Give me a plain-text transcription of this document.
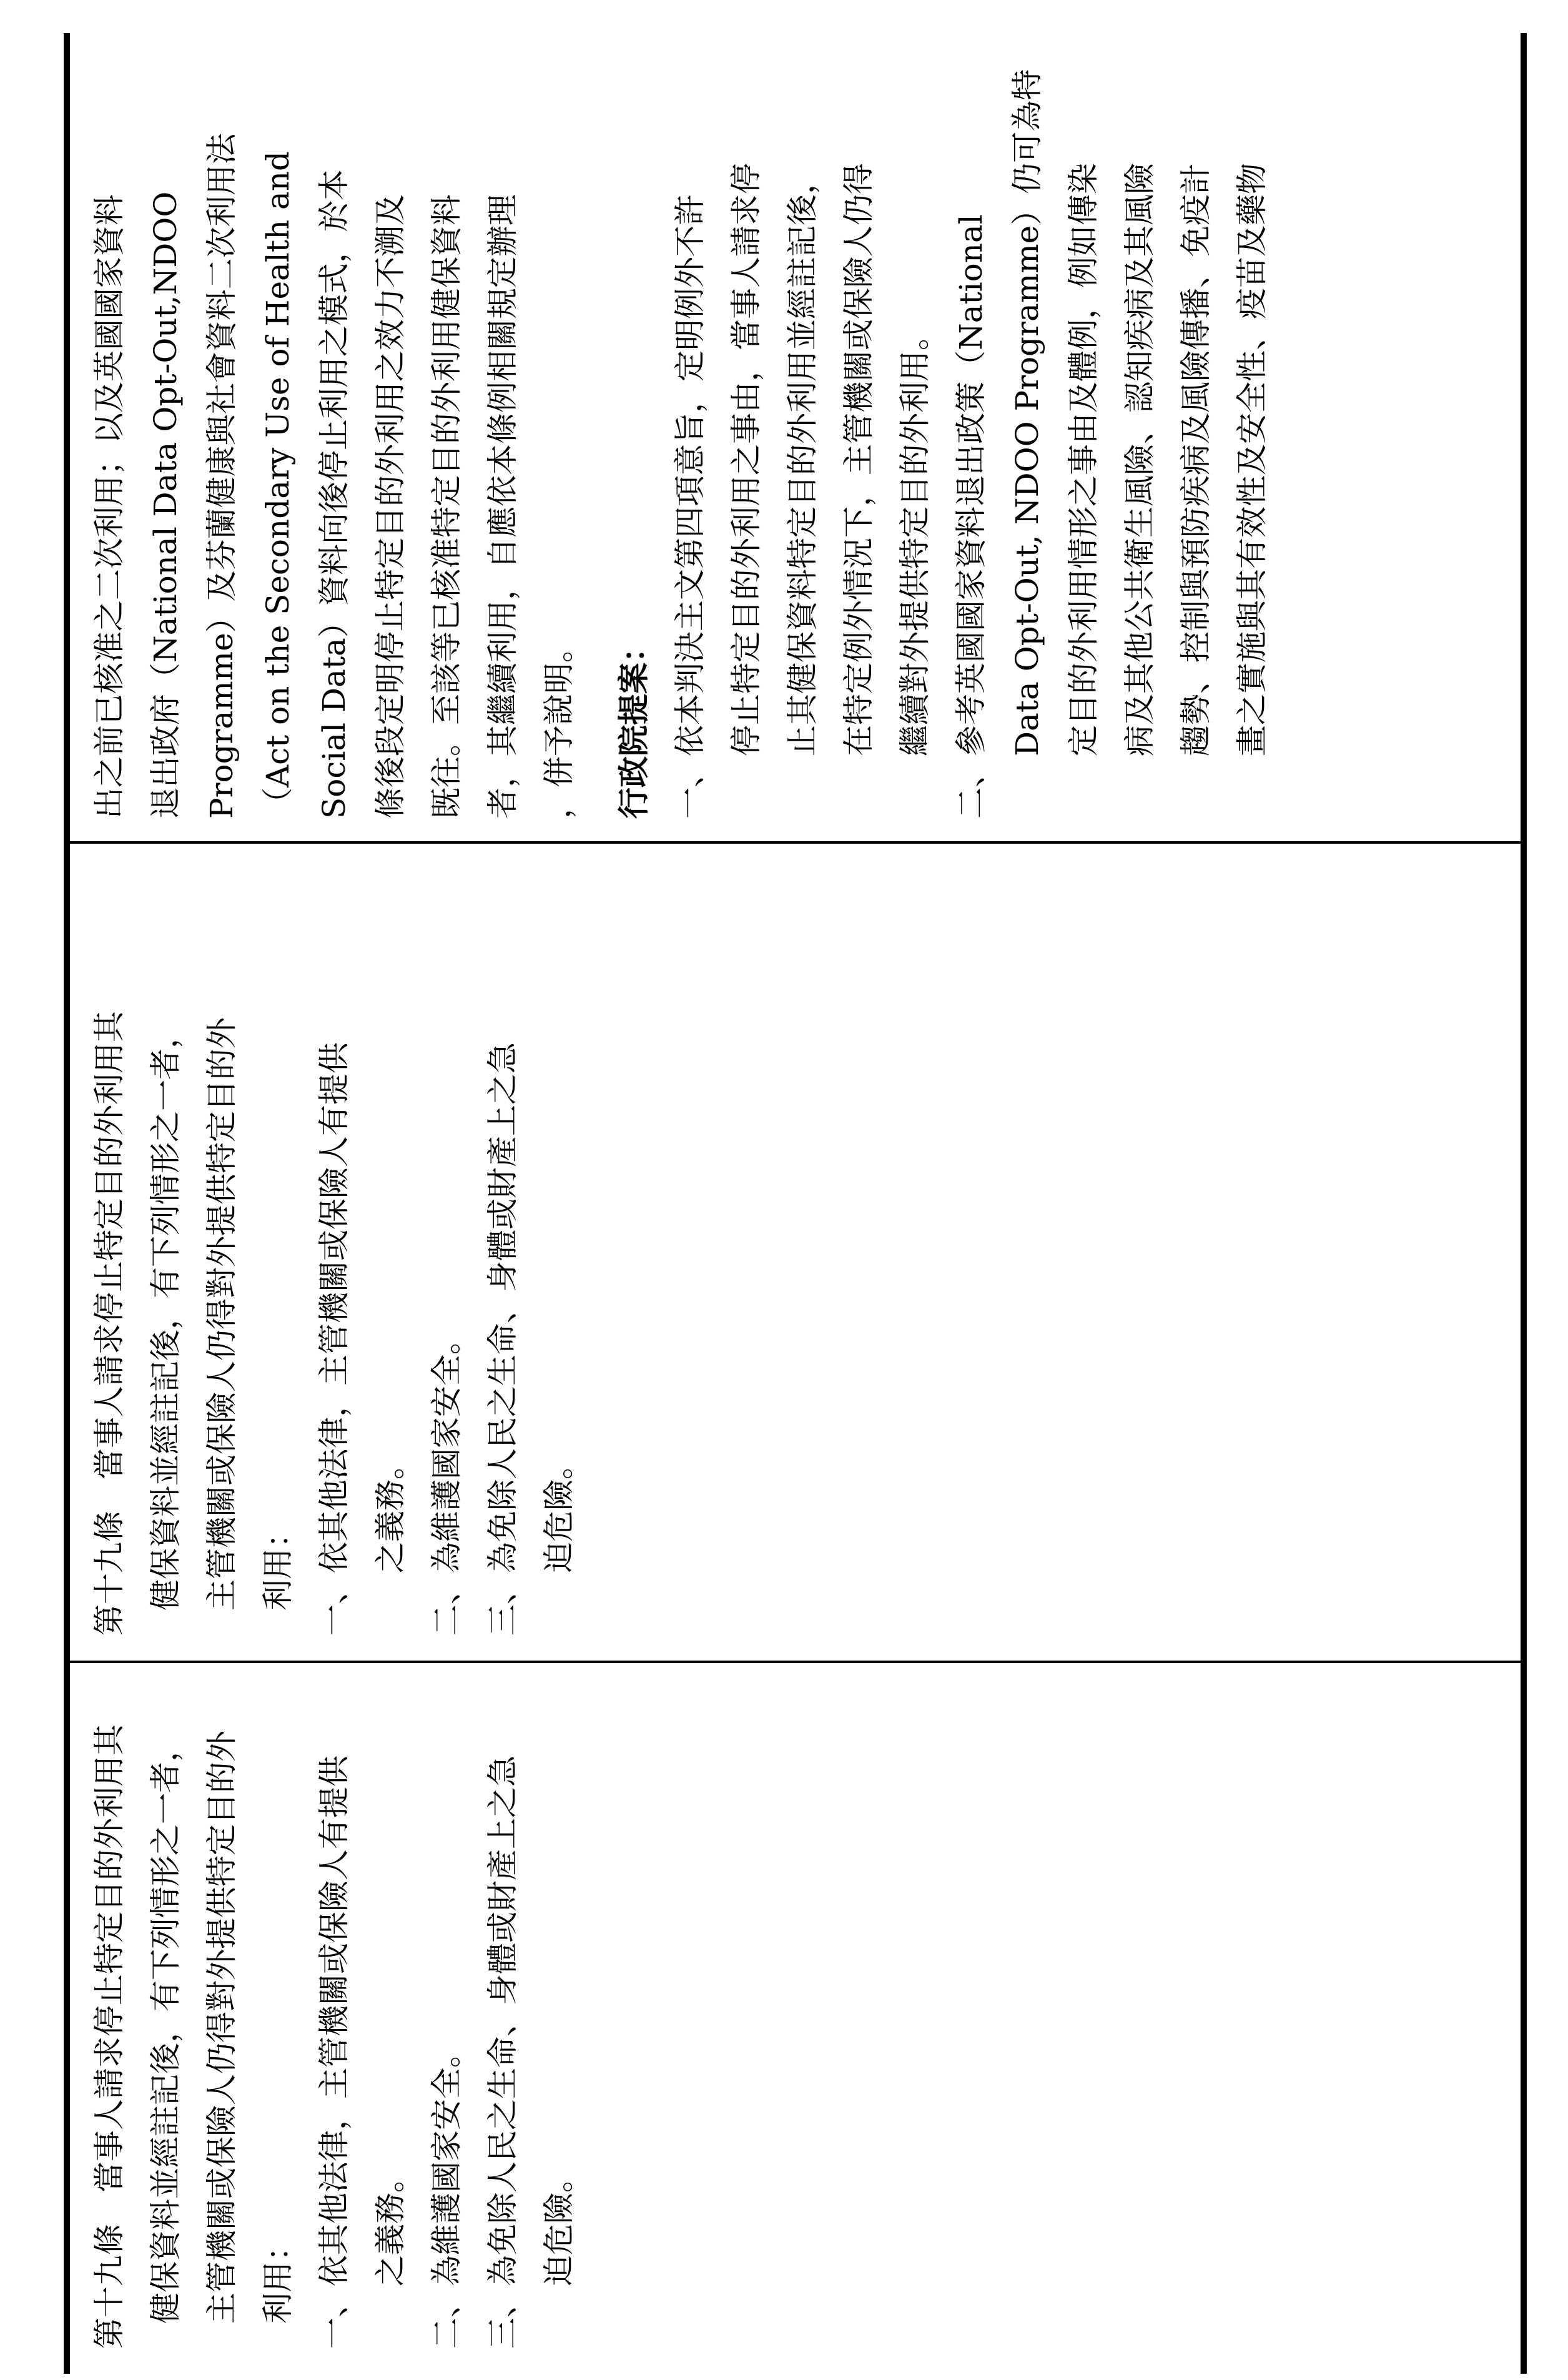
第十九條　當事人請求停止特定目的外利用其 健保資料並經註記後，有下列情形之一者， 主管機關或保險人仍得對外提供特定目的外 利用： 一、依其他法律，主管機關或保險人有提供 　　之義務。 二、為維護國家安全。 三、為免除人民之生命、身體或財產上之急 　　迫危險。
第十九條　當事人請求停止特定目的外利用其 健保資料並經註記後，有下列情形之一者， 主管機關或保險人仍得對外提供特定目的外 利用： 一、依其他法律，主管機關或保險人有提供 　　之義務。 二、為維護國家安全。 三、為免除人民之生命、身體或財產上之急 　　迫危險。
出之前已核准之二次利用；以及英國國家資料 退出政府（National Data Opt-Out,NDOO Programme）及芬蘭健康與社會資料二次利用法 （Act on the Secondary Use of Health and Social Data）資料向後停止利用之模式，於本 條後段定明停止特定目的外利用之效力不溯及 既往。至該等已核准特定目的外利用健保資料 者，其繼續利用，自應依本條例相關規定辦理 ，併予說明。	行政院提案： 一、依本判決主文第四項意旨，定明例外不許 　　停止特定目的外利用之事由，當事人請求停 　　止其健保資料特定目的外利用並經註記後， 　　在特定例外情況下，主管機關或保險人仍得 　　繼續對外提供特定目的外利用。 二、參考英國國家資料退出政策（National 　　Data Opt-Out, NDOO Programme）仍可為特 　　定目的外利用情形之事由及體例，例如傳染 　　病及其他公共衛生風險、認知疾病及其風險 　　趨勢、控制與預防疾病及風險傳播、免疫計 　　畫之實施與其有效性及安全性、疫苗及藥物
